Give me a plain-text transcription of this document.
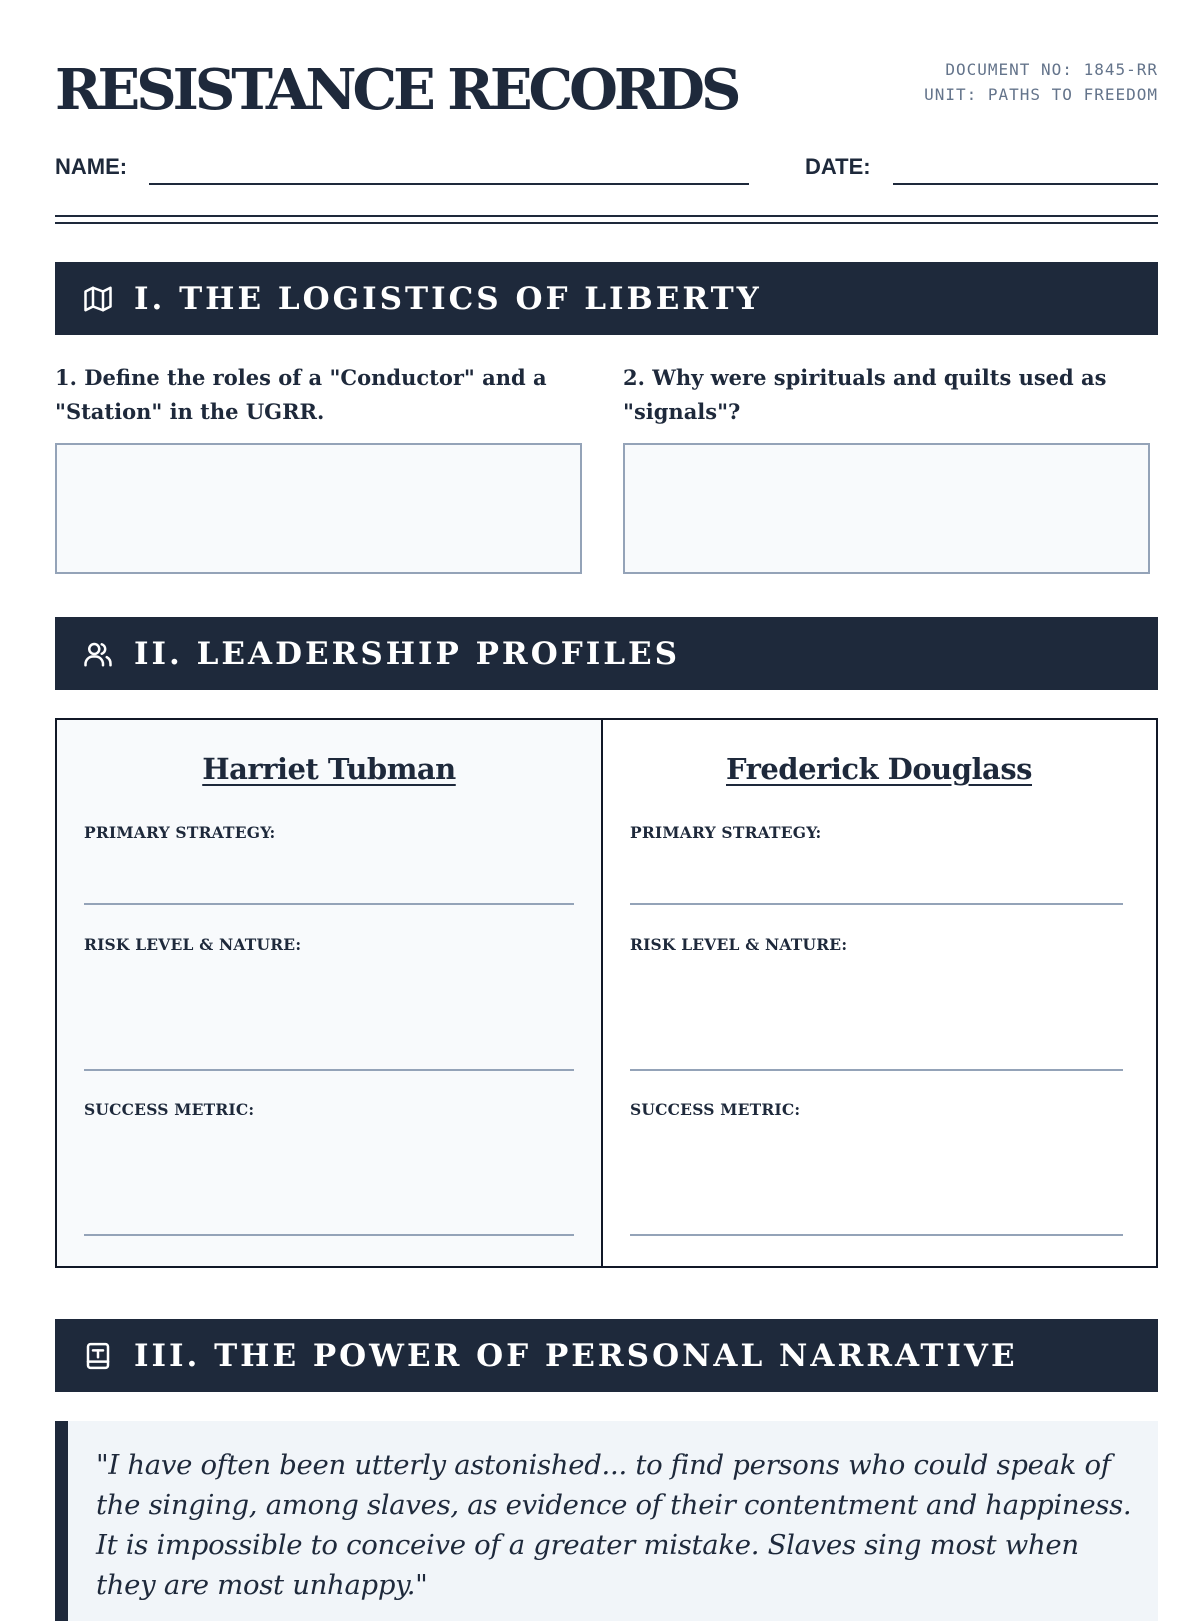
RESISTANCE RECORDS	DOCUMENT NO: 1845-RR
UNIT: PATHS TO FREEDOM
NAME:	DATE:
I. THE LOGISTICS OF LIBERTY
1. Define the roles of a "Conductor" and a "Station" in the UGRR.
2. Why were spirituals and quilts used as "signals"?
II. LEADERSHIP PROFILES
Harriet Tubman
PRIMARY STRATEGY:
RISK LEVEL & NATURE:
SUCCESS METRIC:
Frederick Douglass
PRIMARY STRATEGY:
RISK LEVEL & NATURE:
SUCCESS METRIC:
III. THE POWER OF PERSONAL NARRATIVE
"I have often been utterly astonished... to find persons who could speak of the singing, among slaves, as evidence of their contentment and happiness. It is impossible to conceive of a greater mistake. Slaves sing most when they are most unhappy."
